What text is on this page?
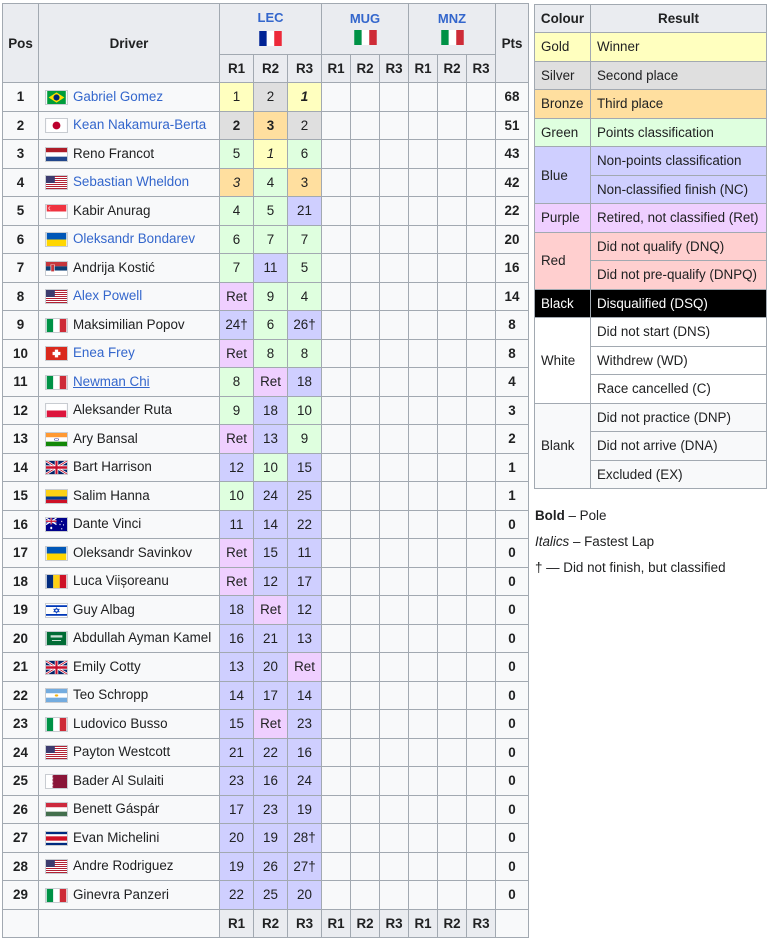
Pos	Driver	LEC			MUG			MNZ			Pts
		R1	R2	R3	R1	R2	R3	R1	R2	R3	
1	Gabriel Gomez	1	2	1							68
2	Kean Nakamura-Berta	2	3	2							51
3	Reno Francot	5	1	6							43
4	Sebastian Wheldon	3	4	3							42
5	Kabir Anurag	4	5	21							22
6	Oleksandr Bondarev	6	7	7							20
7	Andrija Kostić	7	11	5							16
8	Alex Powell	Ret	9	4							14
9	Maksimilian Popov	24†	6	26†							8
10	Enea Frey	Ret	8	8							8
11	Newman Chi	8	Ret	18							4
12	Aleksander Ruta	9	18	10							3
13	Ary Bansal	Ret	13	9							2
14	Bart Harrison	12	10	15							1
15	Salim Hanna	10	24	25							1
16	Dante Vinci	11	14	22							0
17	Oleksandr Savinkov	Ret	15	11							0
18	Luca Viișoreanu	Ret	12	17							0
19	Guy Albag	18	Ret	12							0
20	Abdullah Ayman Kamel	16	21	13							0
21	Emily Cotty	13	20	Ret							0
22	Teo Schropp	14	17	14							0
23	Ludovico Busso	15	Ret	23							0
24	Payton Westcott	21	22	16							0
25	Bader Al Sulaiti	23	16	24							0
26	Benett Gáspár	17	23	19							0
27	Evan Michelini	20	19	28†							0
28	Andre Rodriguez	19	26	27†							0
29	Ginevra Panzeri	22	25	20							0
		R1	R2	R3	R1	R2	R3	R1	R2	R3	
Colour	Result
Gold	Winner
Silver	Second place
Bronze	Third place
Green	Points classification
Blue	Non-points classification
	Non-classified finish (NC)
Purple	Retired, not classified (Ret)
Red	Did not qualify (DNQ)
	Did not pre-qualify (DNPQ)
Black	Disqualified (DSQ)
White	Did not start (DNS)
	Withdrew (WD)
	Race cancelled (C)
Blank	Did not practice (DNP)
	Did not arrive (DNA)
	Excluded (EX)
Bold – Pole
Italics – Fastest Lap
† — Did not finish, but classified
